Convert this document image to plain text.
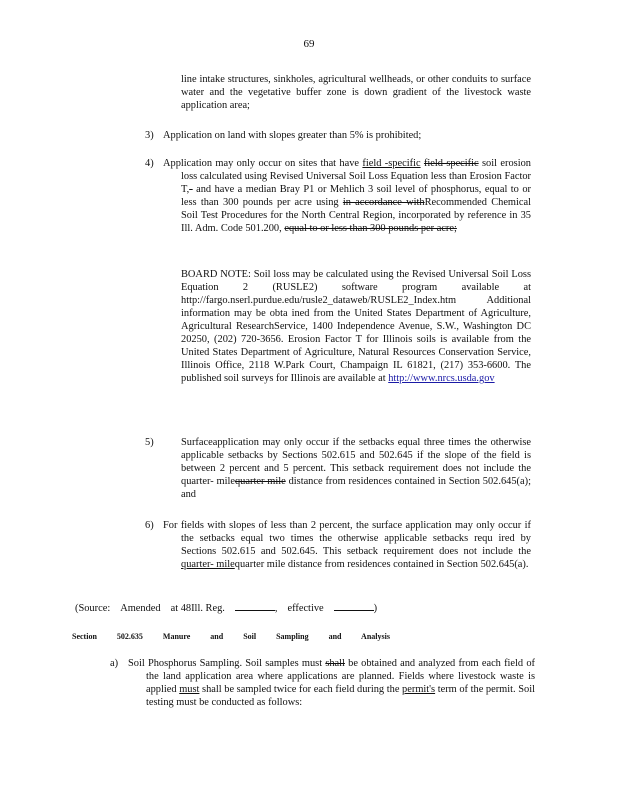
69

line intake structures, sinkholes, agricultural wellheads, or other conduits to surface water and the vegetative buffer zone is down gradient of the livestock waste application area;

3) Application on land with slopes greater than 5% is prohibited;
4) Application may only occur on sites that have field -specific field specific soil erosion loss calculated using Revised Universal Soil Loss Equation less than Erosion Factor T,- and have a median Bray P1 or Mehlich 3 soil level of phosphorus, equal to or less than 300 pounds per acre using in accordance withRecommended Chemical Soil Test Procedures for the North Central Region, incorporated by reference in 35 Ill. Adm. Code 501.200, equal to or less than 300 pounds per acre;

BOARD NOTE: Soil loss may be calculated using the Revised Universal Soil Loss Equation 2 (RUSLE2) software program available at http://fargo.nserl.purdue.edu/rusle2_dataweb/RUSLE2_Index.htm	Additional information may be obta ined from the United States Department of Agriculture, Agricultural ResearchService, 1400 Independence Avenue, S.W., Washington DC 20250, (202) 720-3656. Erosion Factor T for Illinois soils is available from the United States Department of Agriculture, Natural Resources Conservation Service, Illinois Office, 2118 W.Park Court, Champaign IL 61821, (217) 353-6600. The published soil surveys for Illinois are available at http://www.nrcs.usda.gov

5)	Surfaceapplication may only occur if the setbacks equal three times the otherwise applicable setbacks by Sections 502.615 and 502.645 if the slope of the field is between 2 percent and 5 percent. This setback requirement does not include the quarter- milequarter mile distance from residences contained in Section 502.645(a); and

6) For fields with slopes of less than 2 percent, the surface application may only occur if the setbacks equal two times the otherwise applicable setbacks requ ired by Sections 502.615 and 502.645. This setback requirement does not include the quarter- milequarter mile distance from residences contained in Section 502.645(a).

(Source: Amended at 48Ill. Reg.	, effective	)
Section	502.635	Manure	and	Soil	Sampling	and Analysis
a) Soil Phosphorus Sampling. Soil samples must shall be obtained and analyzed from each field of the land application area where applications are planned. Fields where livestock waste is applied must shall be sampled twice for each field during the permit's term of the permit. Soil testing must be conducted as follows:
